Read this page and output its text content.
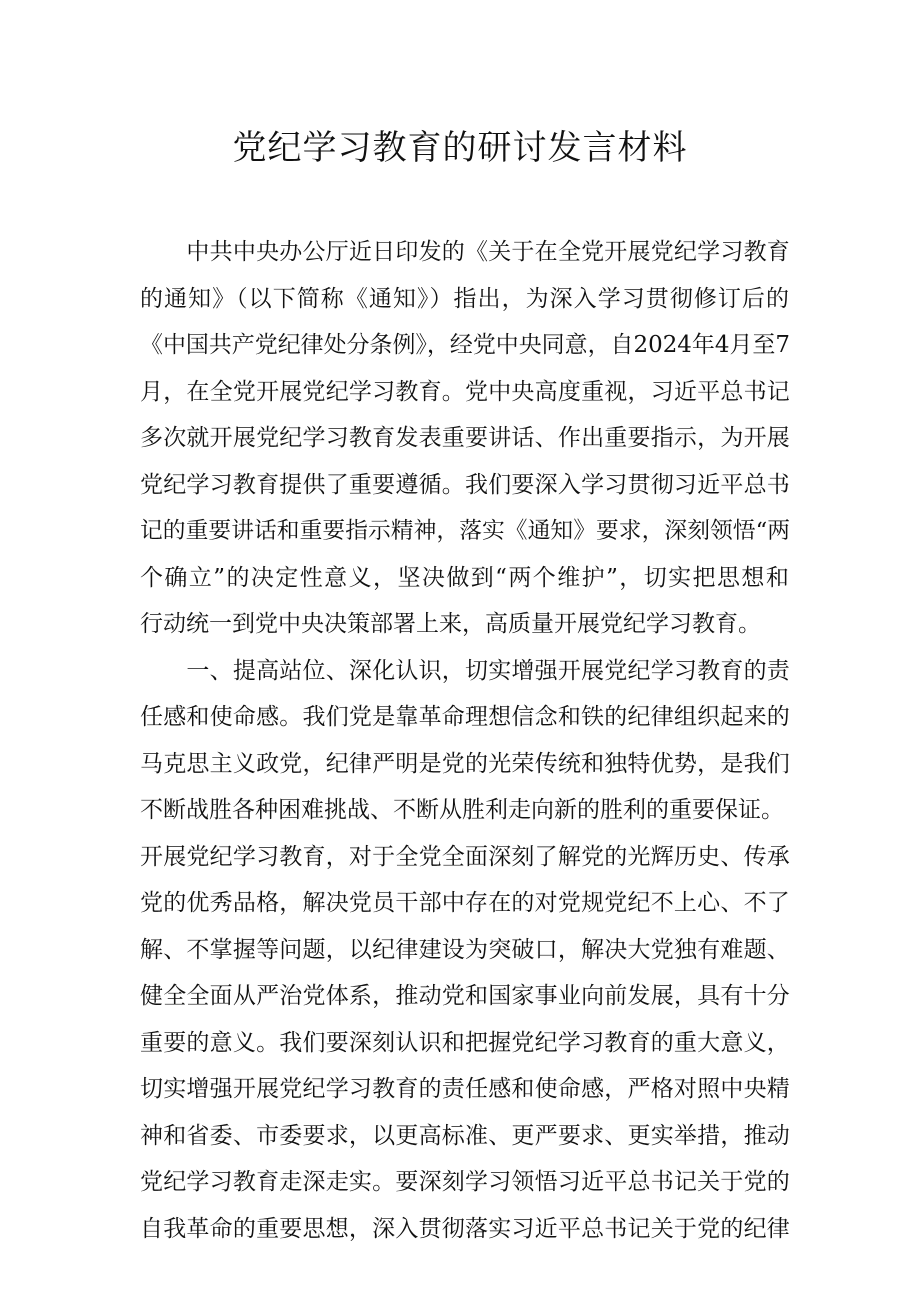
党纪学习教育的研讨发言材料
　　中共中央办公厅近日印发的《关于在全党开展党纪学习教育
的通知》（以下简称《通知》）指出，为深入学习贯彻修订后的
《中国共产党纪律处分条例》，经党中央同意，自2024年4月至7
月，在全党开展党纪学习教育。党中央高度重视，习近平总书记
多次就开展党纪学习教育发表重要讲话、作出重要指示，为开展
党纪学习教育提供了重要遵循。我们要深入学习贯彻习近平总书
记的重要讲话和重要指示精神，落实《通知》要求，深刻领悟“两
个确立”的决定性意义，坚决做到“两个维护”，切实把思想和
行动统一到党中央决策部署上来，高质量开展党纪学习教育。
　　一、提高站位、深化认识，切实增强开展党纪学习教育的责
任感和使命感。我们党是靠革命理想信念和铁的纪律组织起来的
马克思主义政党，纪律严明是党的光荣传统和独特优势，是我们
不断战胜各种困难挑战、不断从胜利走向新的胜利的重要保证。
开展党纪学习教育，对于全党全面深刻了解党的光辉历史、传承
党的优秀品格，解决党员干部中存在的对党规党纪不上心、不了
解、不掌握等问题，以纪律建设为突破口，解决大党独有难题、
健全全面从严治党体系，推动党和国家事业向前发展，具有十分
重要的意义。我们要深刻认识和把握党纪学习教育的重大意义，
切实增强开展党纪学习教育的责任感和使命感，严格对照中央精
神和省委、市委要求，以更高标准、更严要求、更实举措，推动
党纪学习教育走深走实。要深刻学习领悟习近平总书记关于党的
自我革命的重要思想，深入贯彻落实习近平总书记关于党的纪律
